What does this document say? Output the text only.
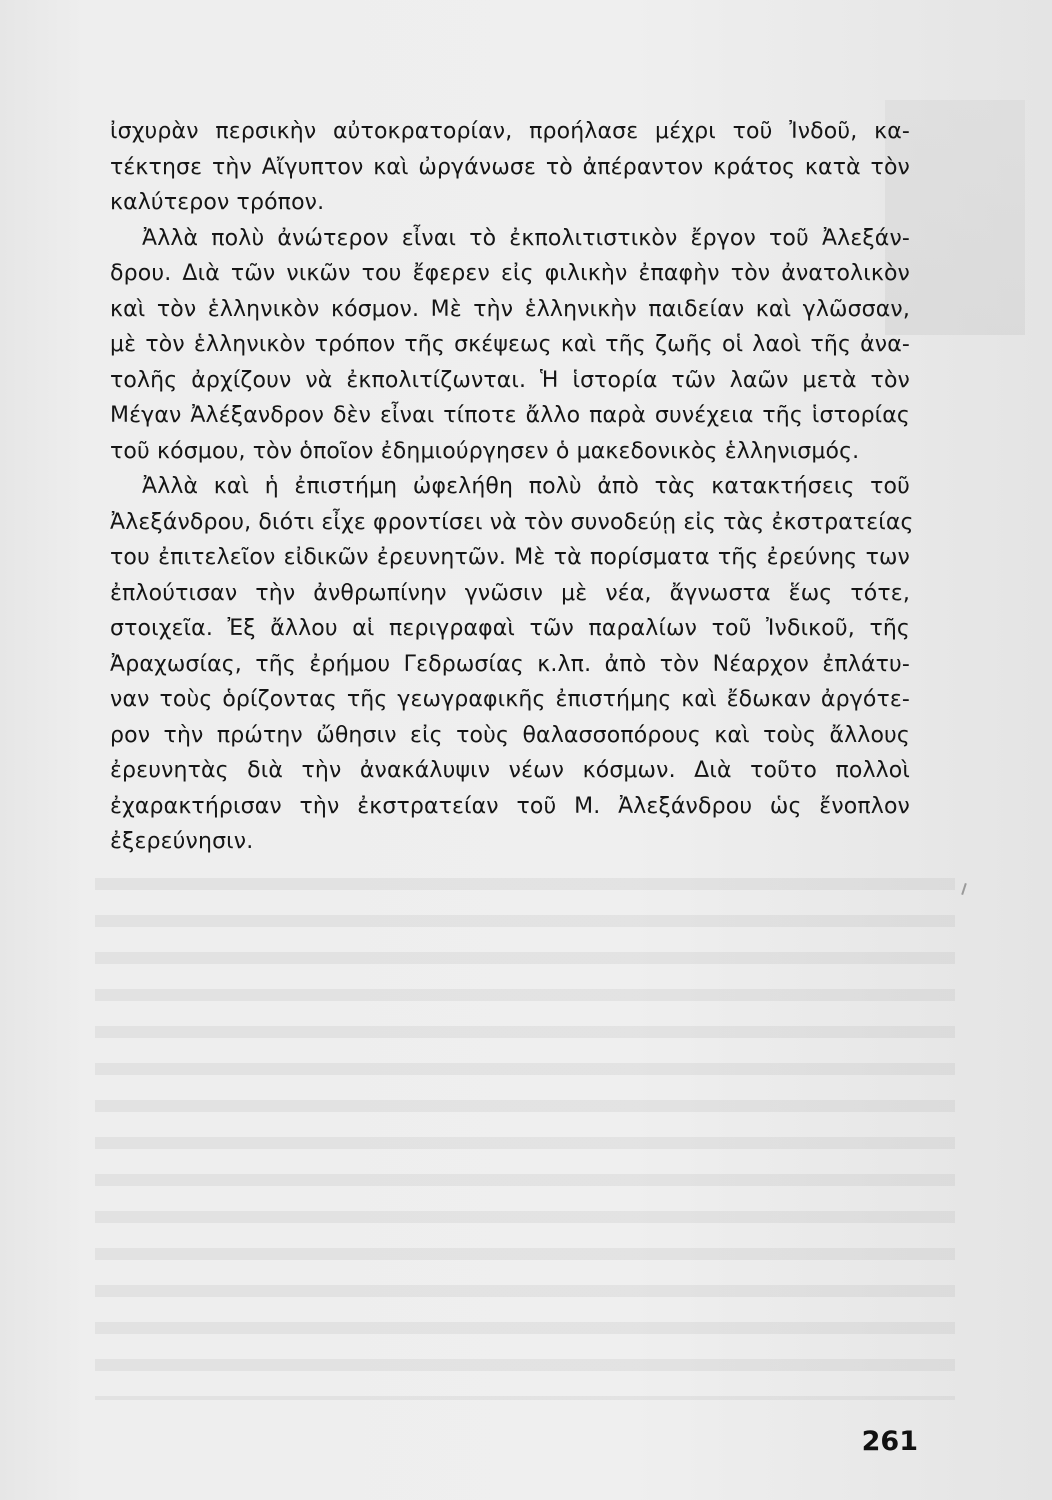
ἰσχυρὰν περσικὴν αὐτοκρατορίαν, προήλασε μέχρι τοῦ Ἰνδοῦ, κα-
τέκτησε τὴν Αἴγυπτον καὶ ὠργάνωσε τὸ ἀπέραντον κράτος κατὰ τὸν
καλύτερον τρόπον.
Ἀλλὰ πολὺ ἀνώτερον εἶναι τὸ ἐκπολιτιστικὸν ἔργον τοῦ Ἀλεξάν-
δρου. Διὰ τῶν νικῶν του ἔφερεν εἰς φιλικὴν ἐπαφὴν τὸν ἀνατολικὸν
καὶ τὸν ἑλληνικὸν κόσμον. Μὲ τὴν ἑλληνικὴν παιδείαν καὶ γλῶσσαν,
μὲ τὸν ἑλληνικὸν τρόπον τῆς σκέψεως καὶ τῆς ζωῆς οἱ λαοὶ τῆς ἀνα-
τολῆς ἀρχίζουν νὰ ἐκπολιτίζωνται. Ἡ ἱστορία τῶν λαῶν μετὰ τὸν
Μέγαν Ἀλέξανδρον δὲν εἶναι τίποτε ἄλλο παρὰ συνέχεια τῆς ἱστορίας
τοῦ κόσμου, τὸν ὁποῖον ἐδημιούργησεν ὁ μακεδονικὸς ἑλληνισμός.
Ἀλλὰ καὶ ἡ ἐπιστήμη ὠφελήθη πολὺ ἀπὸ τὰς κατακτήσεις τοῦ
Ἀλεξάνδρου, διότι εἶχε φροντίσει νὰ τὸν συνοδεύῃ εἰς τὰς ἐκστρατείας
του ἐπιτελεῖον εἰδικῶν ἐρευνητῶν. Μὲ τὰ πορίσματα τῆς ἐρεύνης των
ἐπλούτισαν τὴν ἀνθρωπίνην γνῶσιν μὲ νέα, ἄγνωστα ἕως τότε,
στοιχεῖα. Ἐξ ἄλλου αἱ περιγραφαὶ τῶν παραλίων τοῦ Ἰνδικοῦ, τῆς
Ἀραχωσίας, τῆς ἐρήμου Γεδρωσίας κ.λπ. ἀπὸ τὸν Νέαρχον ἐπλάτυ-
ναν τοὺς ὁρίζοντας τῆς γεωγραφικῆς ἐπιστήμης καὶ ἔδωκαν ἀργότε-
ρον τὴν πρώτην ὤθησιν εἰς τοὺς θαλασσοπόρους καὶ τοὺς ἄλλους
ἐρευνητὰς διὰ τὴν ἀνακάλυψιν νέων κόσμων. Διὰ τοῦτο πολλοὶ
ἐχαρακτήρισαν τὴν ἐκστρατείαν τοῦ Μ. Ἀλεξάνδρου ὡς ἔνοπλον
ἐξερεύνησιν.
261
